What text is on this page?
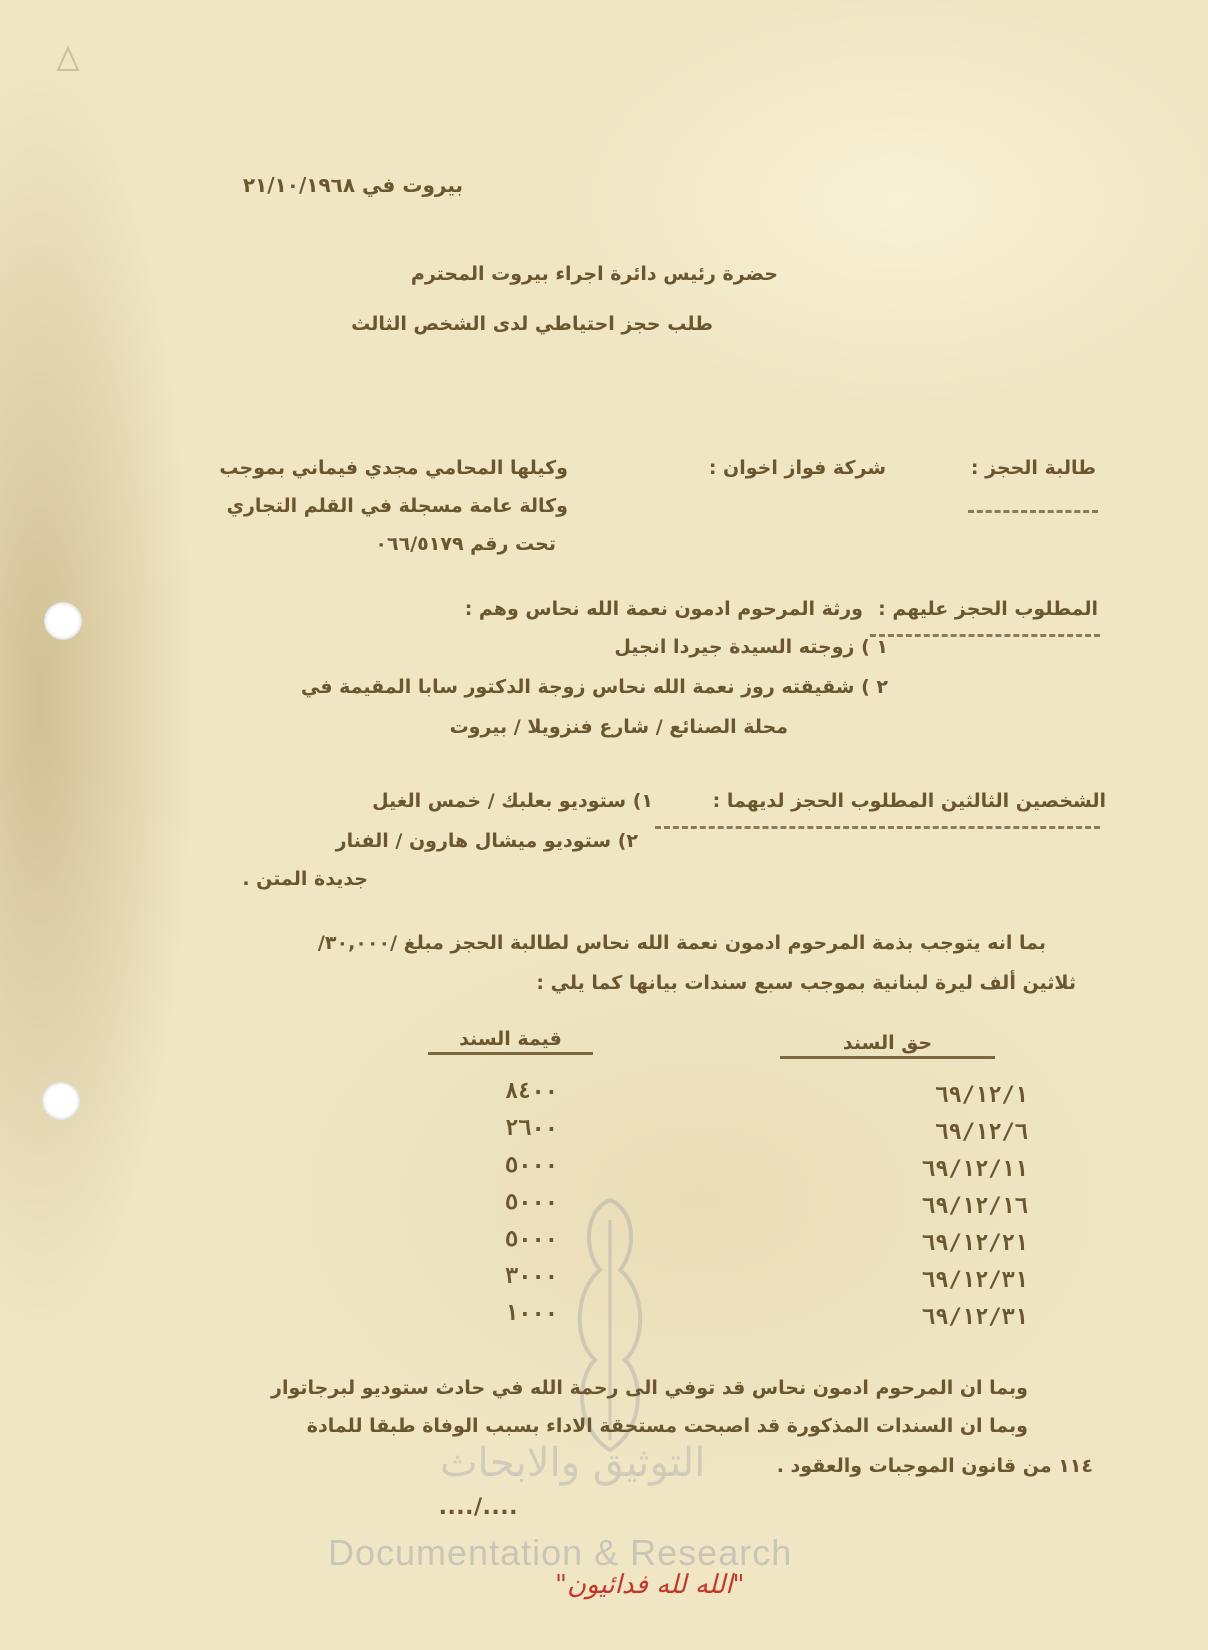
بيروت في ٢١/١٠/١٩٦٨
حضرة رئيس دائرة اجراء بيروت المحترم
طلب حجز احتياطي لدى الشخص الثالث
طالبة الحجز :
شركة فواز اخوان :
وكيلها المحامي مجدي فيماني بموجب
وكالة عامة مسجلة في القلم التجاري
تحت رقم ٠٦٦/٥١٧٩
المطلوب الحجز عليهم :
ورثة المرحوم ادمون نعمة الله نحاس وهم :
١ ) زوجته السيدة جيردا انجيل
٢ ) شقيقته روز نعمة الله نحاس زوجة الدكتور سابا المقيمة في
محلة الصنائع / شارع فنزويلا / بيروت
الشخصين الثالثين المطلوب الحجز لديهما :
١) ستوديو بعلبك / خمس الغيل
٢) ستوديو ميشال هارون / الفنار
جديدة المتن .
بما انه يتوجب بذمة المرحوم ادمون نعمة الله نحاس لطالبة الحجز مبلغ /٣٠,٠٠٠/
ثلاثين ألف ليرة لبنانية بموجب سبع سندات بيانها كما يلي :
حق السند
قيمة السند
٦٩/١٢/١
٨٤٠٠
٦٩/١٢/٦
٢٦٠٠
٦٩/١٢/١١
٥٠٠٠
٦٩/١٢/١٦
٥٠٠٠
٦٩/١٢/٢١
٥٠٠٠
٦٩/١٢/٣١
٣٠٠٠
٦٩/١٢/٣١
١٠٠٠
وبما ان المرحوم ادمون نحاس قد توفي الى رحمة الله في حادث ستوديو لبرجاتوار
وبما ان السندات المذكورة قد اصبحت مستحقة الاداء بسبب الوفاة طبقا للمادة
١١٤ من قانون الموجبات والعقود .
..../....
التوثيق والابحاث
Documentation & Research
"الله لله فدائيون"
